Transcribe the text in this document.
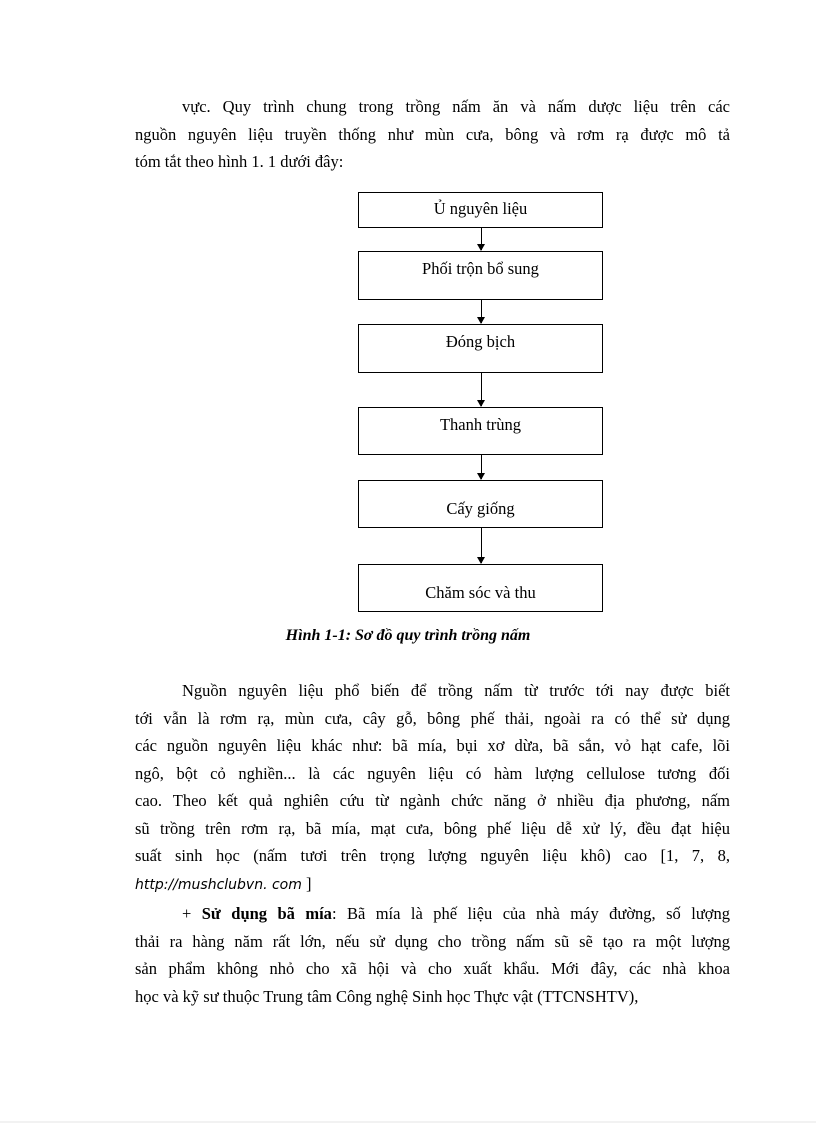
vực. Quy trình chung trong trồng nấm ăn và nấm dược liệu trên các
nguồn nguyên liệu truyền thống như mùn cưa, bông và rơm rạ được mô tả
tóm tắt theo hình 1. 1 dưới đây:
Ủ nguyên liệu
Phối trộn bổ sung
Đóng bịch
Thanh trùng
Cấy giống
Chăm sóc và thu
Hình 1-1: Sơ đồ quy trình trồng nấm
Nguồn nguyên liệu phổ biến để trồng nấm từ trước tới nay được biết
tới vẫn là rơm rạ, mùn cưa, cây gỗ, bông phế thải, ngoài ra có thể sử dụng
các nguồn nguyên liệu khác như: bã mía, bụi xơ dừa, bã sắn, vỏ hạt cafe, lõi
ngô, bột cỏ nghiền... là các nguyên liệu có hàm lượng cellulose tương đối
cao. Theo kết quả nghiên cứu từ ngành chức năng ở nhiều địa phương, nấm
sũ trồng trên rơm rạ, bã mía, mạt cưa, bông phế liệu dễ xử lý, đều đạt hiệu
suất sinh học (nấm tươi trên trọng lượng nguyên liệu khô) cao [1, 7, 8,
http://mushclubvn. com ]
+ Sử dụng bã mía: Bã mía là phế liệu của nhà máy đường, số lượng
thải ra hàng năm rất lớn, nếu sử dụng cho trồng nấm sũ sẽ tạo ra một lượng
sản phẩm không nhỏ cho xã hội và cho xuất khẩu. Mới đây, các nhà khoa
học và kỹ sư thuộc Trung tâm Công nghệ Sinh học Thực vật (TTCNSHTV),
